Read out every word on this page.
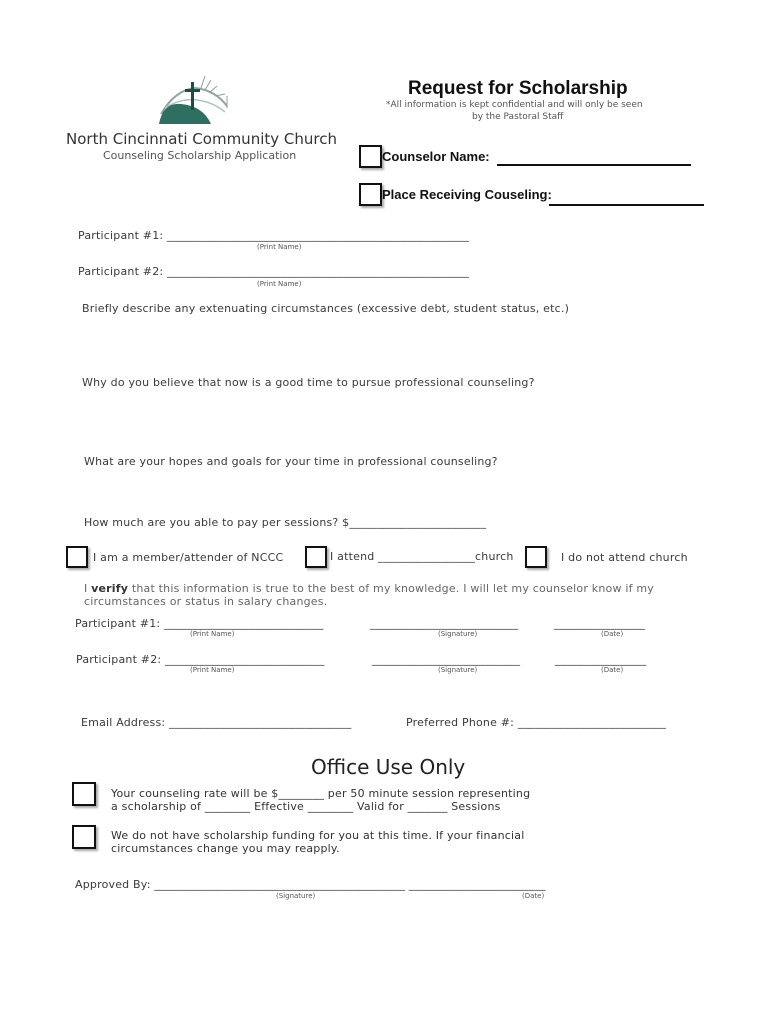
Request for Scholarship
*All information is kept confidential and will only be seen
by the Pastoral Staff
North Cincinnati Community Church
Counseling Scholarship Application	Counselor Name:
Place Receiving Couseling:
Participant #1: _____________________________________________________
(Print Name)
Participant #2: _____________________________________________________
(Print Name)
Briefly describe any extenuating circumstances (excessive debt, student status, etc.)
Why do you believe that now is a good time to pursue professional counseling?
What are your hopes and goals for your time in professional counseling?
How much are you able to pay per sessions? $________________________
I am a member/attender of NCCC	I attend _________________church	I do not attend church
I verify that this information is true to the best of my knowledge. I will let my counselor know if my
circumstances or status in salary changes.
Participant #1: ____________________________	__________________________	________________
(Print Name)	(Signature)	(Date)
Participant #2: ____________________________	__________________________	________________
(Print Name)	(Signature)	(Date)
Email Address: ________________________________	Preferred Phone #: __________________________
Office Use Only
Your counseling rate will be $________ per 50 minute session representing
a scholarship of ________ Effective ________ Valid for _______ Sessions
We do not have scholarship funding for you at this time. If your financial
circumstances change you may reapply.
Approved By: ____________________________________________ ________________________
(Signature)	(Date)
